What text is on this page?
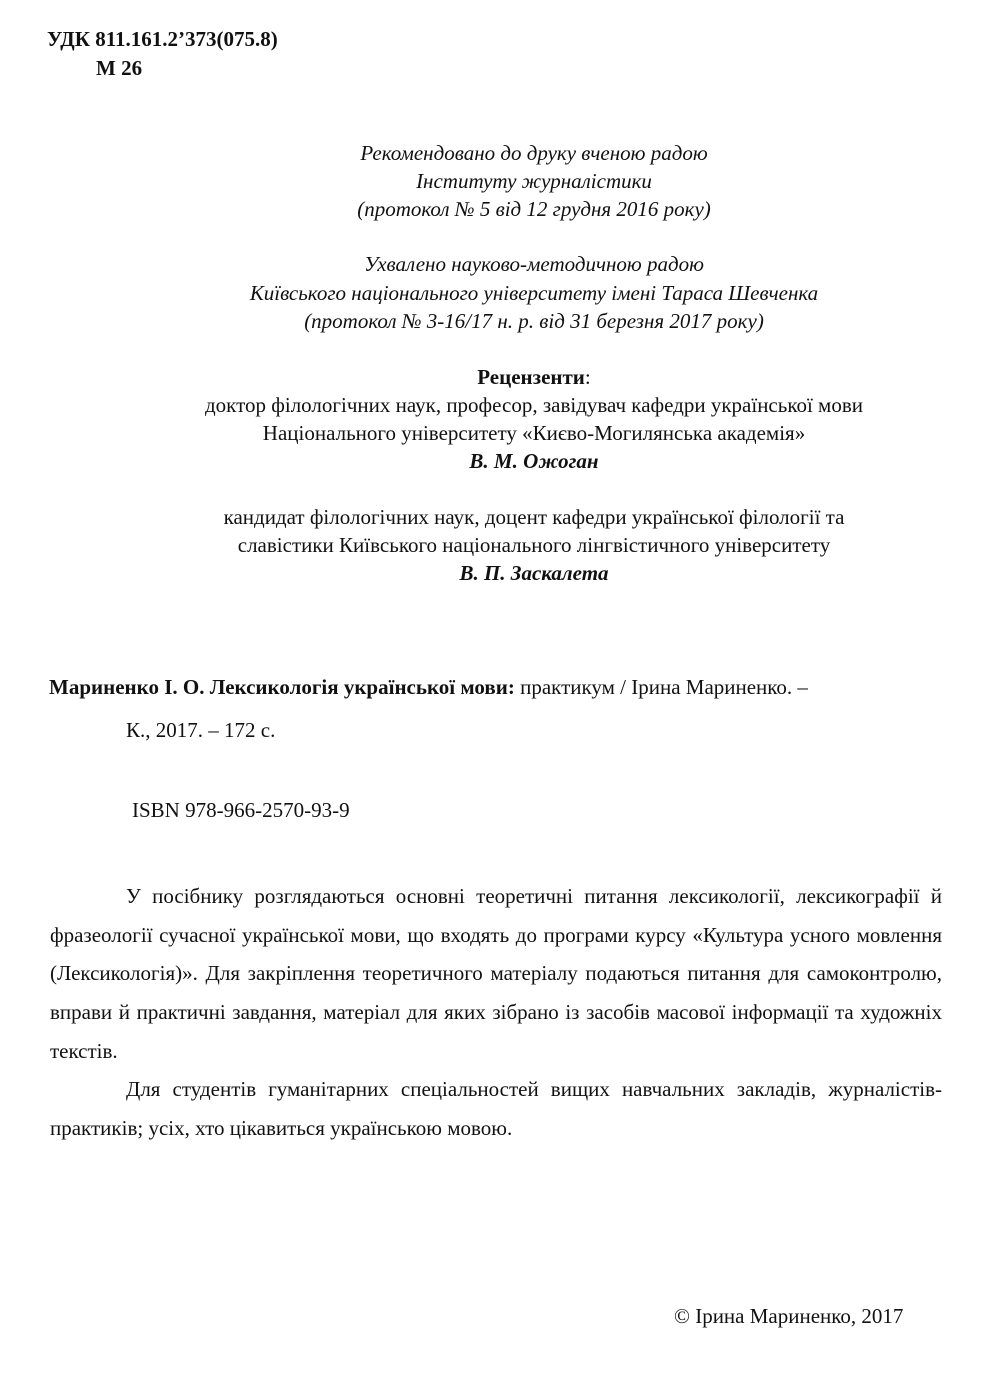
УДК 811.161.2’373(075.8)
М 26
Рекомендовано до друку вченою радою
Інституту журналістики
(протокол № 5 від 12 грудня 2016 року)
Ухвалено науково-методичною радою
Київського національного університету імені Тараса Шевченка
(протокол № 3-16/17 н. р. від 31 березня 2017 року)
Рецензенти:
доктор філологічних наук, професор, завідувач кафедри української мови
Національного університету «Києво-Могилянська академія»
В. М. Ожоган
кандидат філологічних наук, доцент кафедри української філології та
славістики Київського національного лінгвістичного університету
В. П. Заскалета
Мариненко І. О. Лексикологія української мови: практикум / Ірина Мариненко. –
К., 2017. – 172 с.
ISBN 978-966-2570-93-9

У посібнику розглядаються основні теоретичні питання лексикології, лексикографії й фразеології сучасної української мови, що входять до програми курсу «Культура усного мовлення (Лексикологія)». Для закріплення теоретичного матеріалу подаються питання для самоконтролю, вправи й практичні завдання, матеріал для яких зібрано із засобів масової інформації та художніх текстів.

Для студентів гуманітарних спеціальностей вищих навчальних закладів, журналістів-практиків; усіх, хто цікавиться українською мовою.

© Ірина Мариненко, 2017
